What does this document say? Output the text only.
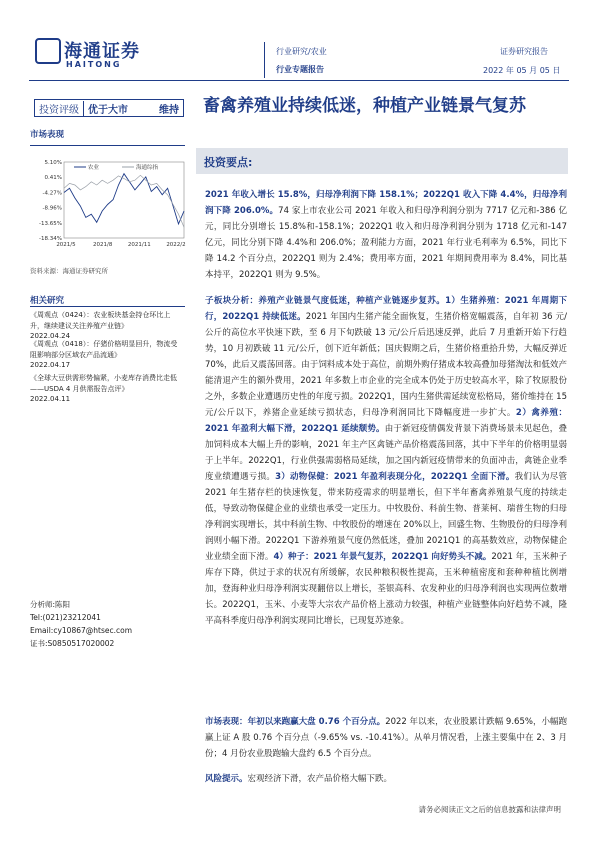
海通证券
HAITONG
行业研究/农业
行业专题报告
证券研究报告
2022 年 05 月 05 日
投资评级 优于大市	维持 畜禽养殖业持续低迷，种植产业链景气复苏
市场表现
5.10%
0.41%
-4.27%
-8.96%
-13.65%
-18.34%
2021/5	2021/8	2021/11	2022/2
农业	海通综指
资料来源：海通证券研究所
相关研究
《周观点（0424）：农业板块基金持仓环比上升，继续建议关注养殖产业链》
2022.04.24
《周观点（0418）：仔猪价格明显回升，物流受阻影响部分区域农产品流通》
2022.04.17
《全球大豆供需形势偏紧，小麦库存消费比走低——USDA 4 月供需报告点评》
2022.04.11
分析师:陈阳
Tel:(021)23212041
Email:cy10867@htsec.com
证书:S0850517020002
投资要点:
2021 年收入增长 15.8%，归母净利润下降 158.1%；2022Q1 收入下降 4.4%，归母净利润下降 206.0%。74 家上市农业公司 2021 年收入和归母净利润分别为 7717 亿元和-386 亿元，同比分别增长 15.8%和-158.1%；2022Q1 收入和归母净利润分别为 1718 亿元和-147 亿元，同比分别下降 4.4%和 206.0%；盈利能力方面，2021 年行业毛利率为 6.5%，同比下降 14.2 个百分点，2022Q1 则为 2.4%；费用率方面，2021 年期间费用率为 8.4%，同比基本持平，2022Q1 则为 9.5%。
子板块分析：养殖产业链景气度低迷，种植产业链逐步复苏。1）生猪养殖：2021 年周期下行，2022Q1 持续低迷。2021 年国内生猪产能全面恢复，生猪价格宽幅震荡，自年初 36 元/公斤的高位水平快速下跌，至 6 月下旬跌破 13 元/公斤后迅速反弹，此后 7 月重新开始下行趋势，10 月初跌破 11 元/公斤，创下近年新低；国庆假期之后，生猪价格重拾升势，大幅反弹近 70%，此后又震荡回落。由于饲料成本处于高位，前期外购仔猪成本较高叠加母猪淘汰和低效产能清退产生的额外费用，2021 年多数上市企业的完全成本仍处于历史较高水平，除了牧原股份之外，多数企业遭遇历史性的年度亏损。2022Q1，国内生猪供需延续宽松格局，猪价维持在 15 元/公斤以下，养猪企业延续亏损状态，归母净利润同比下降幅度进一步扩大。2）禽养殖：2021 年盈利大幅下滑，2022Q1 延续颓势。由于新冠疫情偶发背景下消费场景未见起色，叠加饲料成本大幅上升的影响，2021 年主产区禽链产品价格震荡回落，其中下半年的价格明显弱于上半年。2022Q1，行业供强需弱格局延续，加之国内新冠疫情带来的负面冲击，禽链企业季度业绩遭遇亏损。3）动物保健：2021 年盈利表现分化，2022Q1 全面下滑。我们认为尽管 2021 年生猪存栏的快速恢复，带来防疫需求的明显增长，但下半年畜禽养殖景气度的持续走低，导致动物保健企业的业绩也承受一定压力。中牧股份、科前生物、普莱柯、瑞普生物的归母净利润实现增长，其中科前生物、中牧股份的增速在 20%以上，回盛生物、生物股份的归母净利润则小幅下滑。2022Q1 下游养殖景气度仍然低迷，叠加 2021Q1 的高基数效应，动物保健企业业绩全面下滑。4）种子：2021 年景气复苏，2022Q1 向好势头不减。2021 年，玉米种子库存下降，供过于求的状况有所缓解，农民种粮积极性提高，玉米种植密度和套种种植比例增加，登海种业归母净利润实现翻倍以上增长，荃银高科、农发种业的归母净利润也实现两位数增长。2022Q1，玉米、小麦等大宗农产品价格上涨动力较强，种植产业链整体向好趋势不减，隆平高科季度归母净利润实现同比增长，已现复苏迹象。
市场表现：年初以来跑赢大盘 0.76 个百分点。2022 年以来，农业股累计跌幅 9.65%，小幅跑赢上证 A 股 0.76 个百分点（-9.65% vs. -10.41%）。从单月情况看，上涨主要集中在 2、3 月份；4 月份农业股跑输大盘约 6.5 个百分点。
风险提示。宏观经济下滑，农产品价格大幅下跌。
请务必阅读正文之后的信息披露和法律声明
